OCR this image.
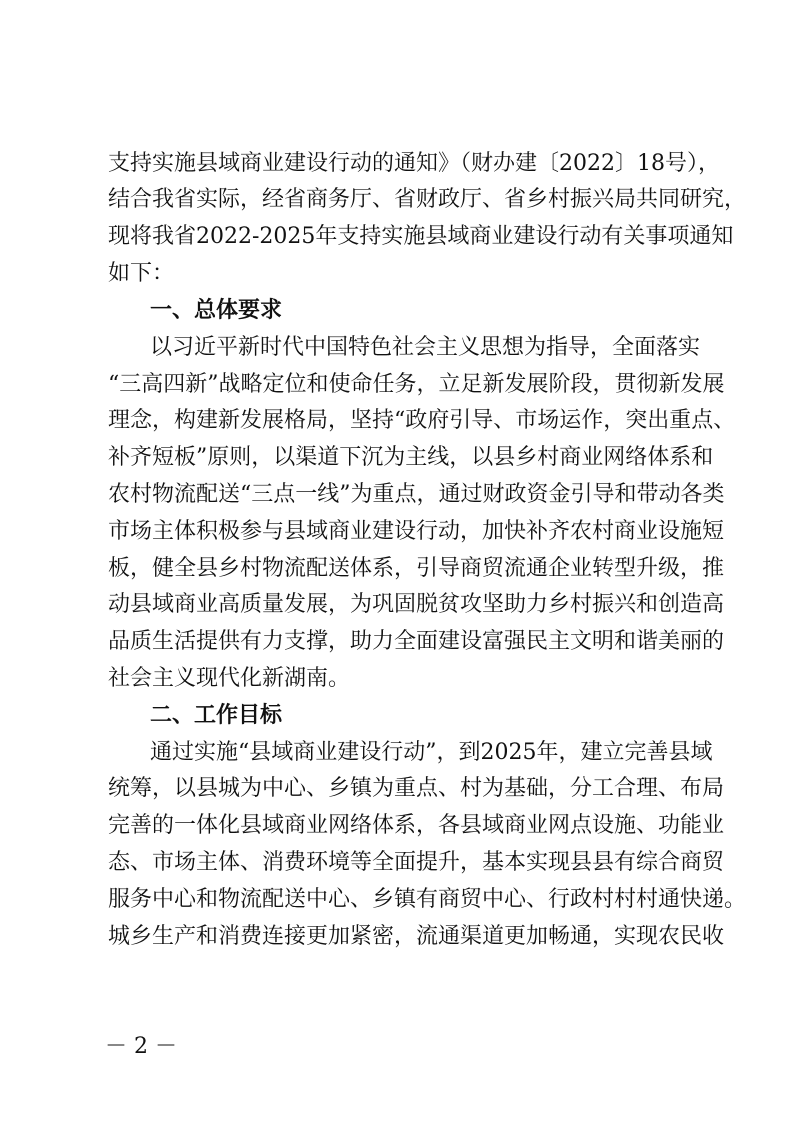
支持实施县域商业建设行动的通知》（财办建〔2022〕18号），
结合我省实际，经省商务厅、省财政厅、省乡村振兴局共同研究，
现将我省2022-2025年支持实施县域商业建设行动有关事项通知
如下：
一、总体要求
以习近平新时代中国特色社会主义思想为指导，全面落实
“三高四新”战略定位和使命任务，立足新发展阶段，贯彻新发展
理念，构建新发展格局，坚持“政府引导、市场运作，突出重点、
补齐短板”原则，以渠道下沉为主线，以县乡村商业网络体系和
农村物流配送“三点一线”为重点，通过财政资金引导和带动各类
市场主体积极参与县域商业建设行动，加快补齐农村商业设施短
板，健全县乡村物流配送体系，引导商贸流通企业转型升级，推
动县域商业高质量发展，为巩固脱贫攻坚助力乡村振兴和创造高
品质生活提供有力支撑，助力全面建设富强民主文明和谐美丽的
社会主义现代化新湖南。
二、工作目标
通过实施“县域商业建设行动”，到2025年，建立完善县域
统筹，以县城为中心、乡镇为重点、村为基础，分工合理、布局
完善的一体化县域商业网络体系，各县域商业网点设施、功能业
态、市场主体、消费环境等全面提升，基本实现县县有综合商贸
服务中心和物流配送中心、乡镇有商贸中心、行政村村村通快递。
城乡生产和消费连接更加紧密，流通渠道更加畅通，实现农民收
－ 2 －
